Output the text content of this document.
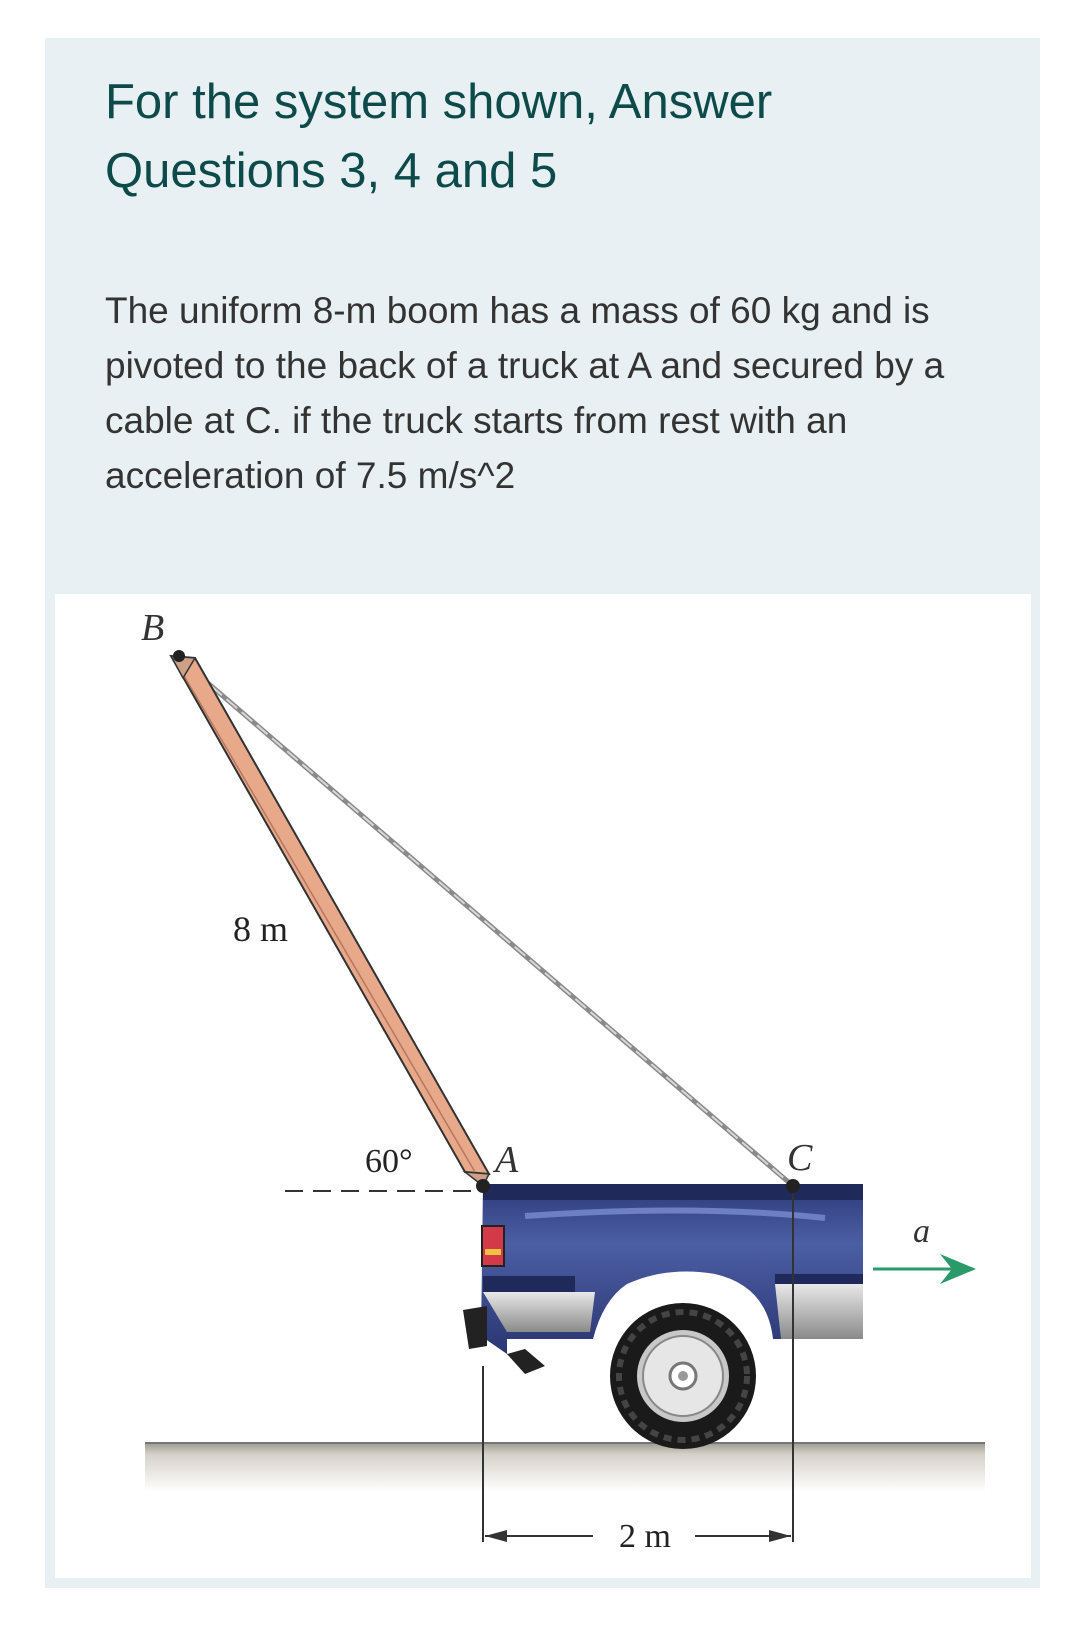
For the system shown, Answer Questions 3, 4 and 5

The uniform 8-m boom has a mass of 60 kg and is pivoted to the back of a truck at A and secured by a cable at C. if the truck starts from rest with an acceleration of 7.5 m/s^2

2 m
B
A	C
a
8 m
60°
